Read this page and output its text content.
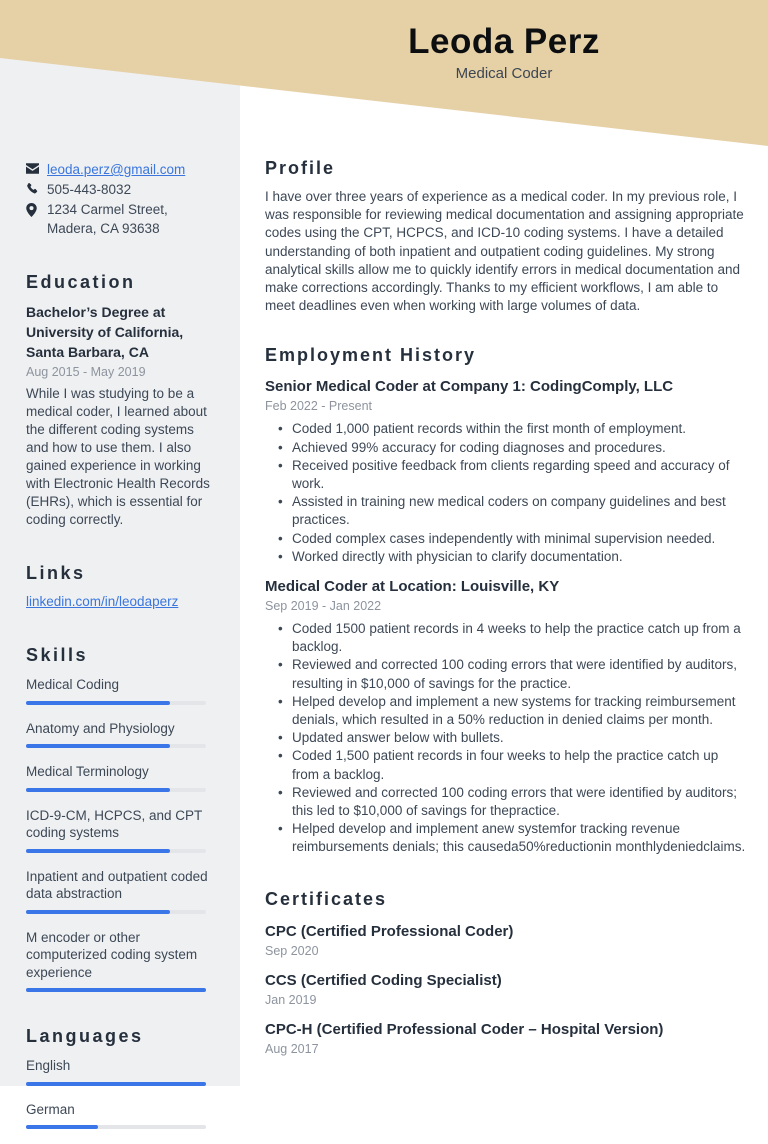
Leoda Perz
Medical Coder
leoda.perz@gmail.com
505-443-8032
1234 Carmel Street, Madera, CA 93638
Education
Bachelor’s Degree at University of California, Santa Barbara, CA
Aug 2015 - May 2019

While I was studying to be a medical coder, I learned about the different coding systems and how to use them. I also gained experience in working with Electronic Health Records (EHRs), which is essential for coding correctly.

Links
linkedin.com/in/leodaperz
Skills
Medical Coding
Anatomy and Physiology
Medical Terminology
ICD-9-CM, HCPCS, and CPT coding systems
Inpatient and outpatient coded data abstraction
M encoder or other computerized coding system experience
Languages
English
German
Profile

I have over three years of experience as a medical coder. In my previous role, I was responsible for reviewing medical documentation and assigning appropriate codes using the CPT, HCPCS, and ICD-10 coding systems. I have a detailed understanding of both inpatient and outpatient coding guidelines. My strong analytical skills allow me to quickly identify errors in medical documentation and make corrections accordingly. Thanks to my efficient workflows, I am able to meet deadlines even when working with large volumes of data.

Employment History
Senior Medical Coder at Company 1: CodingComply, LLC
Feb 2022 - Present
• Coded 1,000 patient records within the first month of employment.
• Achieved 99% accuracy for coding diagnoses and procedures.
• Received positive feedback from clients regarding speed and accuracy of work.
• Assisted in training new medical coders on company guidelines and best practices.
• Coded complex cases independently with minimal supervision needed.
• Worked directly with physician to clarify documentation.
Medical Coder at Location: Louisville, KY
Sep 2019 - Jan 2022
• Coded 1500 patient records in 4 weeks to help the practice catch up from a backlog.
• Reviewed and corrected 100 coding errors that were identified by auditors, resulting in $10,000 of savings for the practice.
• Helped develop and implement a new systems for tracking reimbursement denials, which resulted in a 50% reduction in denied claims per month.
• Updated answer below with bullets.
• Coded 1,500 patient records in four weeks to help the practice catch up from a backlog.
• Reviewed and corrected 100 coding errors that were identified by auditors; this led to $10,000 of savings for thepractice.
• Helped develop and implement anew systemfor tracking revenue reimbursements denials; this causeda50%reductionin monthlydeniedclaims.
Certificates
CPC (Certified Professional Coder)
Sep 2020
CCS (Certified Coding Specialist)
Jan 2019
CPC-H (Certified Professional Coder – Hospital Version)
Aug 2017
